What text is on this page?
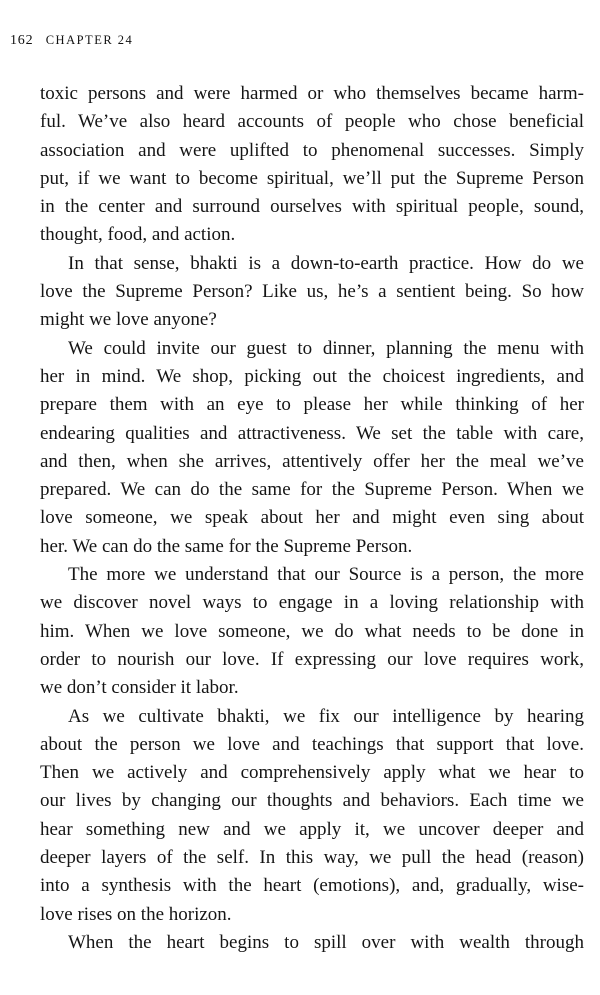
162 CHAPTER 24
toxic persons and were harmed or who themselves became harm-
ful. We’ve also heard accounts of people who chose beneficial
association and were uplifted to phenomenal successes. Simply
put, if we want to become spiritual, we’ll put the Supreme Person
in the center and surround ourselves with spiritual people, sound,
thought, food, and action.
In that sense, bhakti is a down-to-earth practice. How do we
love the Supreme Person? Like us, he’s a sentient being. So how
might we love anyone?
We could invite our guest to dinner, planning the menu with
her in mind. We shop, picking out the choicest ingredients, and
prepare them with an eye to please her while thinking of her
endearing qualities and attractiveness. We set the table with care,
and then, when she arrives, attentively offer her the meal we’ve
prepared. We can do the same for the Supreme Person. When we
love someone, we speak about her and might even sing about
her. We can do the same for the Supreme Person.
The more we understand that our Source is a person, the more
we discover novel ways to engage in a loving relationship with
him. When we love someone, we do what needs to be done in
order to nourish our love. If expressing our love requires work,
we don’t consider it labor.
As we cultivate bhakti, we fix our intelligence by hearing
about the person we love and teachings that support that love.
Then we actively and comprehensively apply what we hear to
our lives by changing our thoughts and behaviors. Each time we
hear something new and we apply it, we uncover deeper and
deeper layers of the self. In this way, we pull the head (reason)
into a synthesis with the heart (emotions), and, gradually, wise-
love rises on the horizon.
When the heart begins to spill over with wealth through
